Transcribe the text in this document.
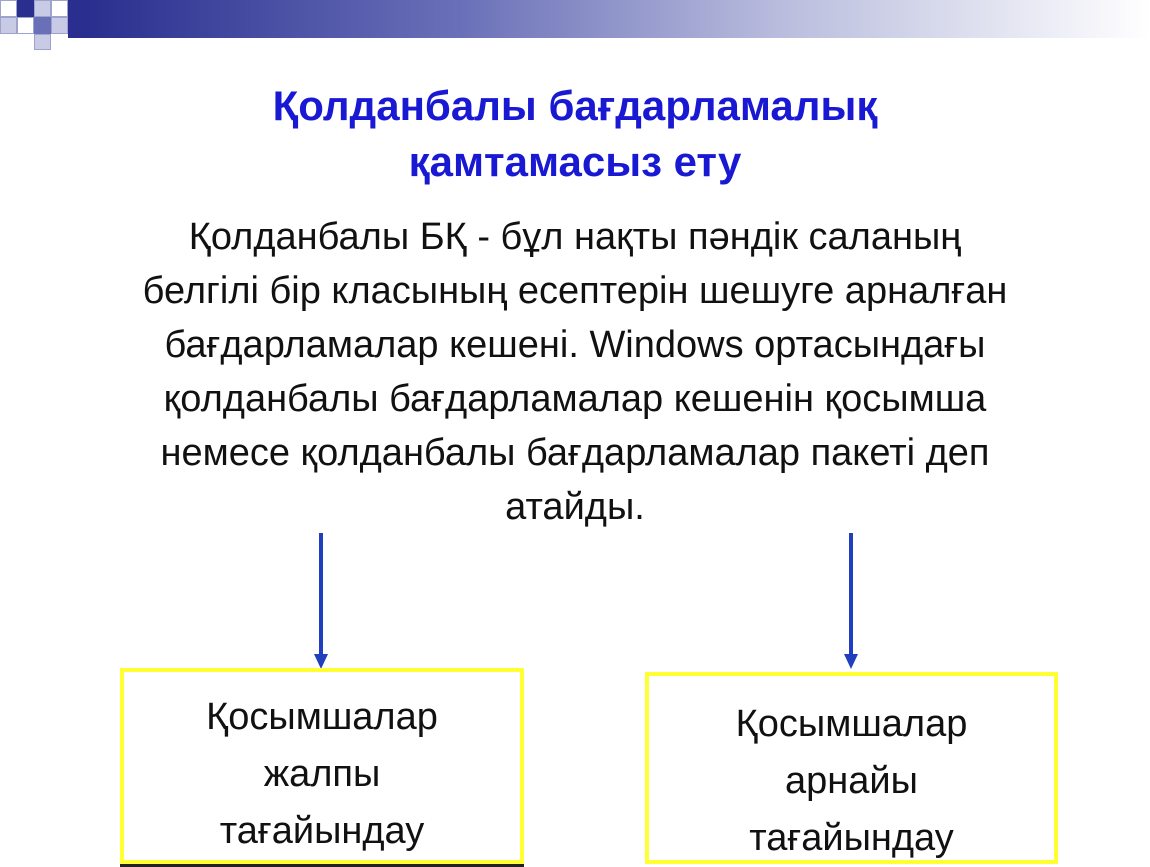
Қолданбалы бағдарламалық
қамтамасыз ету
Қолданбалы БҚ - бұл нақты пәндік саланың
белгілі бір класының есептерін шешуге арналған
бағдарламалар кешені. Windows ортасындағы
қолданбалы бағдарламалар кешенін қосымша
немесе қолданбалы бағдарламалар пакеті деп
атайды.
Қосымшалар
жалпы
тағайындау
Қосымшалар
арнайы
тағайындау
